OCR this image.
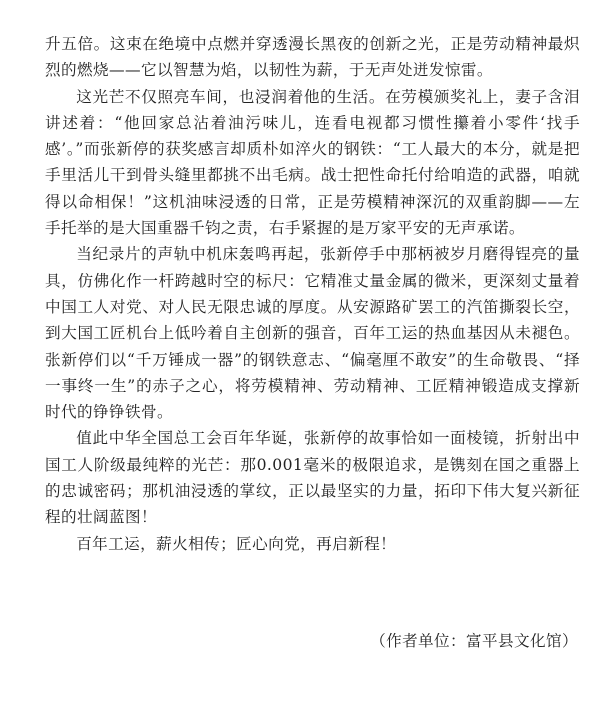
升五倍。这束在绝境中点燃并穿透漫长黑夜的创新之光，正是劳动精神最炽烈的燃烧——它以智慧为焰，以韧性为薪，于无声处迸发惊雷。

这光芒不仅照亮车间，也浸润着他的生活。在劳模颁奖礼上，妻子含泪讲述着：“他回家总沾着油污味儿，连看电视都习惯性攥着小零件‘找手感’。”而张新停的获奖感言却质朴如淬火的钢铁：“工人最大的本分，就是把手里活儿干到骨头缝里都挑不出毛病。战士把性命托付给咱造的武器，咱就得以命相保！”这机油味浸透的日常，正是劳模精神深沉的双重韵脚——左手托举的是大国重器千钧之责，右手紧握的是万家平安的无声承诺。

当纪录片的声轨中机床轰鸣再起，张新停手中那柄被岁月磨得锃亮的量具，仿佛化作一杆跨越时空的标尺：它精准丈量金属的微米，更深刻丈量着中国工人对党、对人民无限忠诚的厚度。从安源路矿罢工的汽笛撕裂长空，到大国工匠机台上低吟着自主创新的强音，百年工运的热血基因从未褪色。张新停们以“千万锤成一器”的钢铁意志、“偏毫厘不敢安”的生命敬畏、“择一事终一生”的赤子之心，将劳模精神、劳动精神、工匠精神锻造成支撑新时代的铮铮铁骨。

值此中华全国总工会百年华诞，张新停的故事恰如一面棱镜，折射出中国工人阶级最纯粹的光芒：那0.001毫米的极限追求，是镌刻在国之重器上的忠诚密码；那机油浸透的掌纹，正以最坚实的力量，拓印下伟大复兴新征程的壮阔蓝图！

百年工运，薪火相传；匠心向党，再启新程！

（作者单位：富平县文化馆）
